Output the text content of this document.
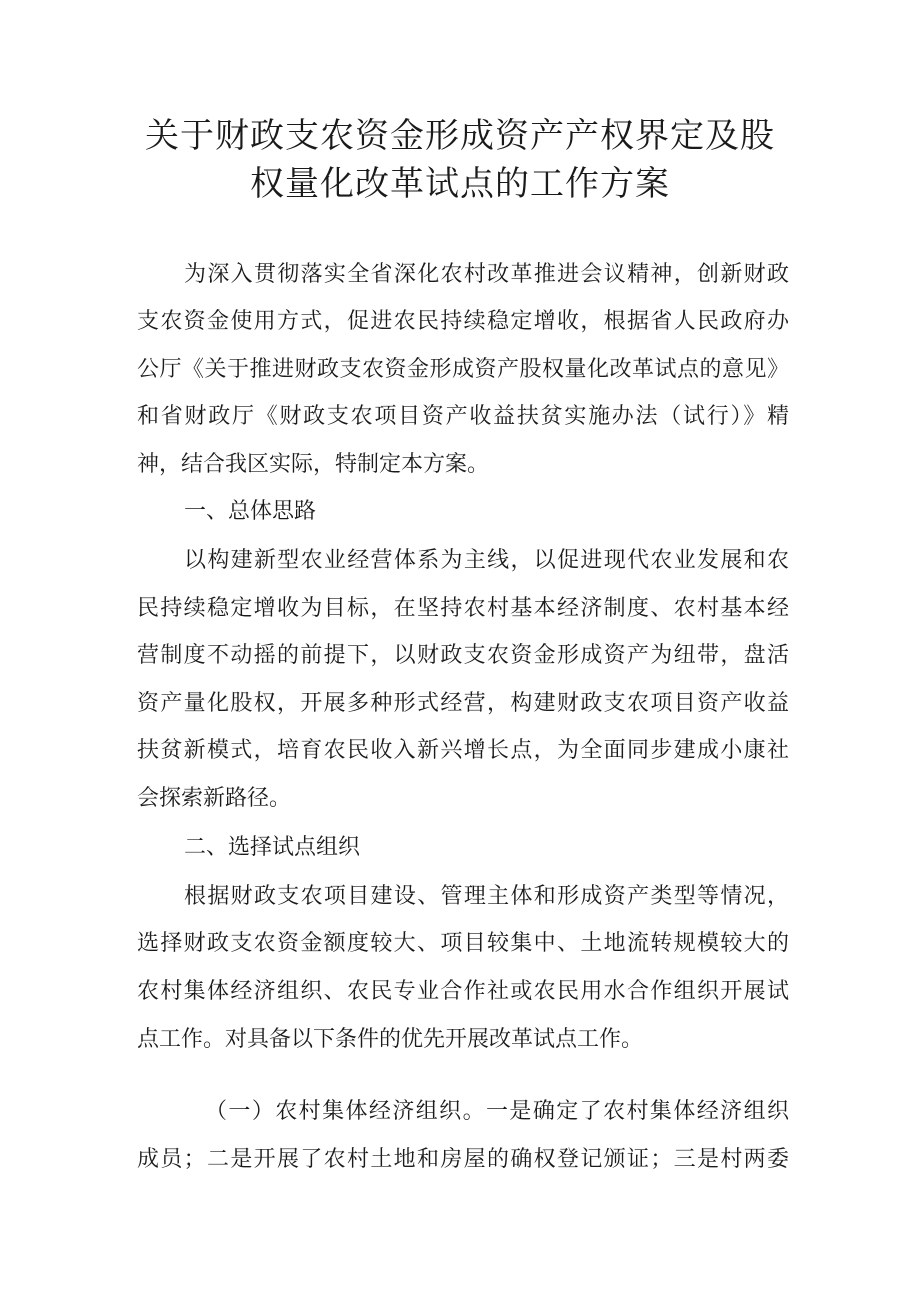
关于财政支农资金形成资产产权界定及股
权量化改革试点的工作方案

为深入贯彻落实全省深化农村改革推进会议精神，创新财政

支农资金使用方式，促进农民持续稳定增收，根据省人民政府办

公厅《关于推进财政支农资金形成资产股权量化改革试点的意见》

和省财政厅《财政支农项目资产收益扶贫实施办法（试行）》精

神，结合我区实际，特制定本方案。

一、总体思路

以构建新型农业经营体系为主线，以促进现代农业发展和农

民持续稳定增收为目标，在坚持农村基本经济制度、农村基本经

营制度不动摇的前提下，以财政支农资金形成资产为纽带，盘活

资产量化股权，开展多种形式经营，构建财政支农项目资产收益

扶贫新模式，培育农民收入新兴增长点，为全面同步建成小康社

会探索新路径。

二、选择试点组织

根据财政支农项目建设、管理主体和形成资产类型等情况，

选择财政支农资金额度较大、项目较集中、土地流转规模较大的

农村集体经济组织、农民专业合作社或农民用水合作组织开展试

点工作。对具备以下条件的优先开展改革试点工作。

（一）农村集体经济组织。一是确定了农村集体经济组织

成员；二是开展了农村土地和房屋的确权登记颁证；三是村两委
